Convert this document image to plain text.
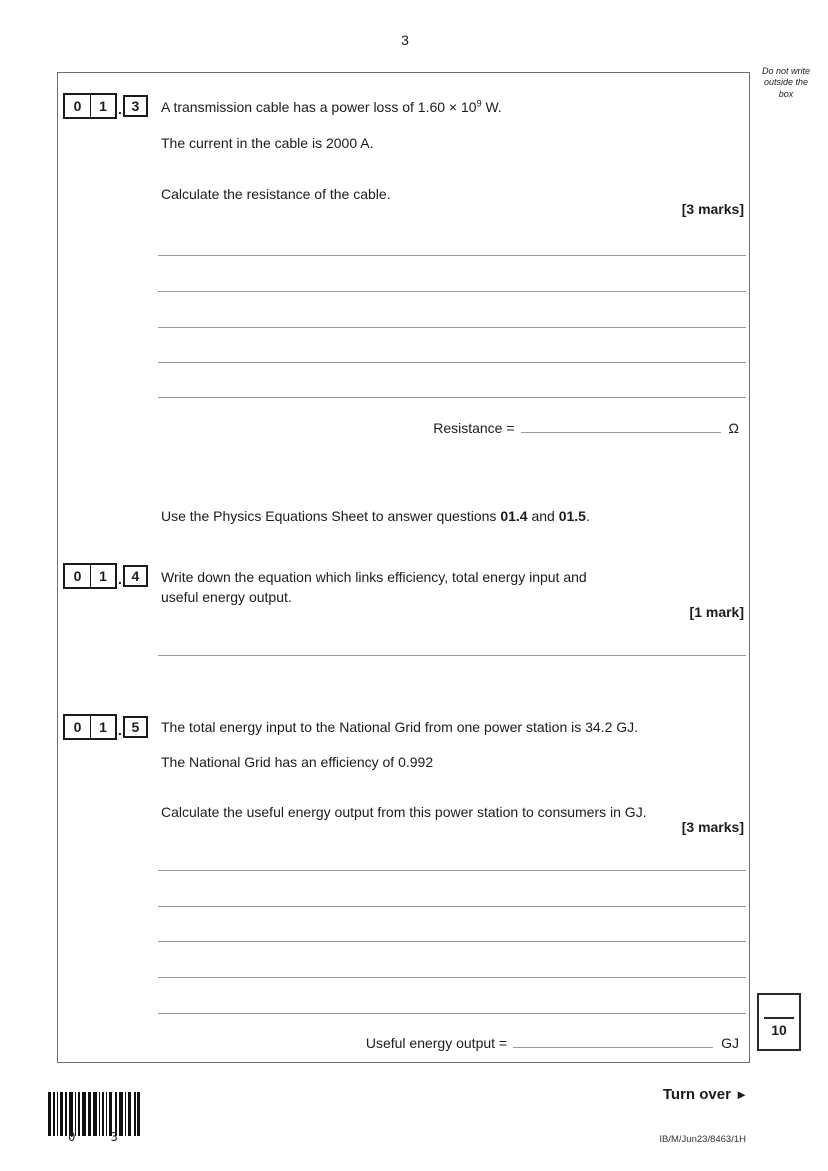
3
Do not write outside the box
0	1 . 3	A transmission cable has a power loss of $1.60 \times 10^9$ W.
The current in the cable is 2000 A.
Calculate the resistance of the cable.
[3 marks]
Resistance =	Ω
Use the Physics Equations Sheet to answer questions 01.4 and 01.5.
0	1 . 4	Write down the equation which links efficiency, total energy input and
useful energy output.
[1 mark]
0	1 . 5	The total energy input to the National Grid from one power station is 34.2 GJ.
The National Grid has an efficiency of 0.992
Calculate the useful energy output from this power station to consumers in GJ.
[3 marks]
Useful energy output =	GJ
10
Turn over ►
IB/M/Jun23/8463/1H
0 3
